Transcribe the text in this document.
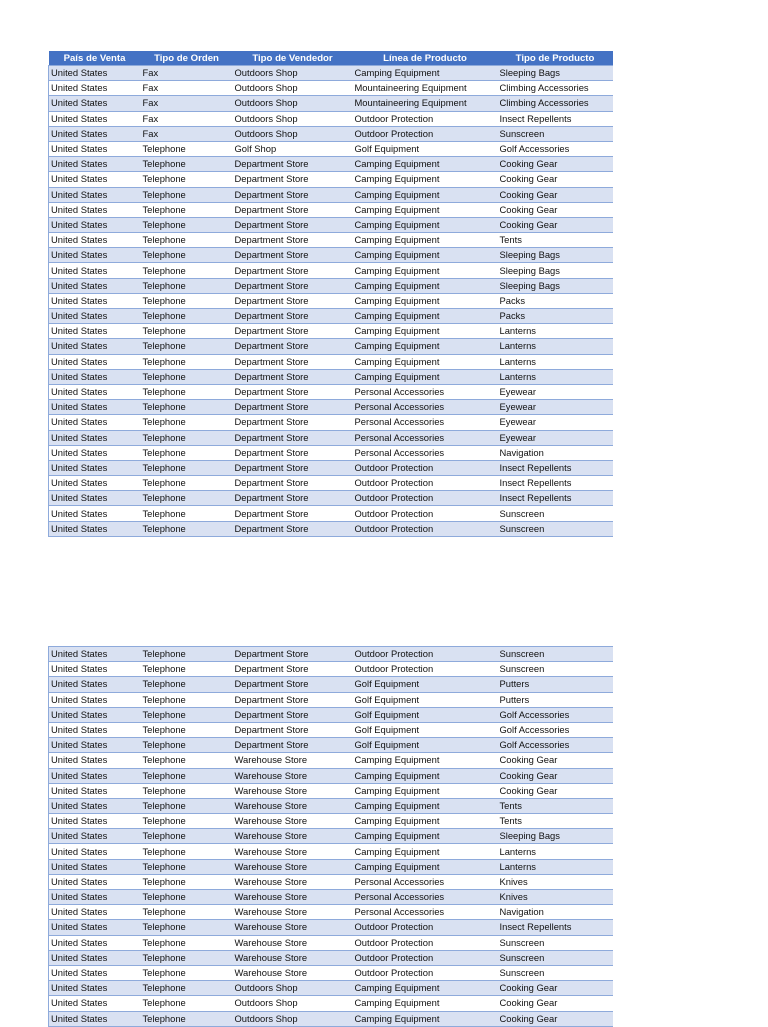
País de Venta	Tipo de Orden	Tipo de Vendedor	Línea de Producto	Tipo de Producto
United States	Fax	Outdoors Shop	Camping Equipment	Sleeping Bags
United States	Fax	Outdoors Shop	Mountaineering Equipment	Climbing Accessories
United States	Fax	Outdoors Shop	Mountaineering Equipment	Climbing Accessories
United States	Fax	Outdoors Shop	Outdoor Protection	Insect Repellents
United States	Fax	Outdoors Shop	Outdoor Protection	Sunscreen
United States	Telephone	Golf Shop	Golf Equipment	Golf Accessories
United States	Telephone	Department Store	Camping Equipment	Cooking Gear
United States	Telephone	Department Store	Camping Equipment	Cooking Gear
United States	Telephone	Department Store	Camping Equipment	Cooking Gear
United States	Telephone	Department Store	Camping Equipment	Cooking Gear
United States	Telephone	Department Store	Camping Equipment	Cooking Gear
United States	Telephone	Department Store	Camping Equipment	Tents
United States	Telephone	Department Store	Camping Equipment	Sleeping Bags
United States	Telephone	Department Store	Camping Equipment	Sleeping Bags
United States	Telephone	Department Store	Camping Equipment	Sleeping Bags
United States	Telephone	Department Store	Camping Equipment	Packs
United States	Telephone	Department Store	Camping Equipment	Packs
United States	Telephone	Department Store	Camping Equipment	Lanterns
United States	Telephone	Department Store	Camping Equipment	Lanterns
United States	Telephone	Department Store	Camping Equipment	Lanterns
United States	Telephone	Department Store	Camping Equipment	Lanterns
United States	Telephone	Department Store	Personal Accessories	Eyewear
United States	Telephone	Department Store	Personal Accessories	Eyewear
United States	Telephone	Department Store	Personal Accessories	Eyewear
United States	Telephone	Department Store	Personal Accessories	Eyewear
United States	Telephone	Department Store	Personal Accessories	Navigation
United States	Telephone	Department Store	Outdoor Protection	Insect Repellents
United States	Telephone	Department Store	Outdoor Protection	Insect Repellents
United States	Telephone	Department Store	Outdoor Protection	Insect Repellents
United States	Telephone	Department Store	Outdoor Protection	Sunscreen
United States	Telephone	Department Store	Outdoor Protection	Sunscreen
United States	Telephone	Department Store	Outdoor Protection	Sunscreen
United States	Telephone	Department Store	Outdoor Protection	Sunscreen
United States	Telephone	Department Store	Golf Equipment	Putters
United States	Telephone	Department Store	Golf Equipment	Putters
United States	Telephone	Department Store	Golf Equipment	Golf Accessories
United States	Telephone	Department Store	Golf Equipment	Golf Accessories
United States	Telephone	Department Store	Golf Equipment	Golf Accessories
United States	Telephone	Warehouse Store	Camping Equipment	Cooking Gear
United States	Telephone	Warehouse Store	Camping Equipment	Cooking Gear
United States	Telephone	Warehouse Store	Camping Equipment	Cooking Gear
United States	Telephone	Warehouse Store	Camping Equipment	Tents
United States	Telephone	Warehouse Store	Camping Equipment	Tents
United States	Telephone	Warehouse Store	Camping Equipment	Sleeping Bags
United States	Telephone	Warehouse Store	Camping Equipment	Lanterns
United States	Telephone	Warehouse Store	Camping Equipment	Lanterns
United States	Telephone	Warehouse Store	Personal Accessories	Knives
United States	Telephone	Warehouse Store	Personal Accessories	Knives
United States	Telephone	Warehouse Store	Personal Accessories	Navigation
United States	Telephone	Warehouse Store	Outdoor Protection	Insect Repellents
United States	Telephone	Warehouse Store	Outdoor Protection	Sunscreen
United States	Telephone	Warehouse Store	Outdoor Protection	Sunscreen
United States	Telephone	Warehouse Store	Outdoor Protection	Sunscreen
United States	Telephone	Outdoors Shop	Camping Equipment	Cooking Gear
United States	Telephone	Outdoors Shop	Camping Equipment	Cooking Gear
United States	Telephone	Outdoors Shop	Camping Equipment	Cooking Gear
